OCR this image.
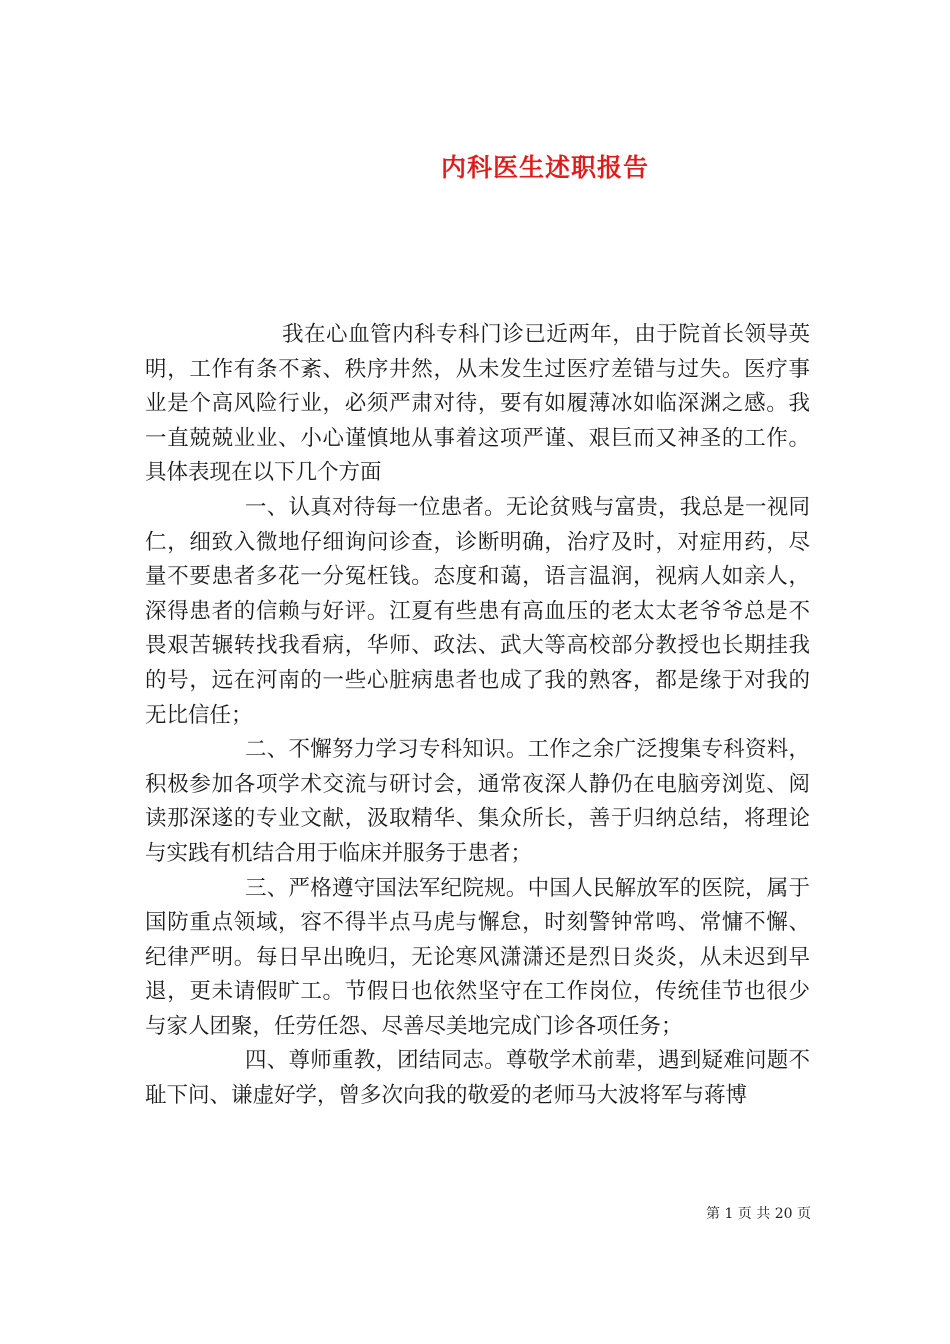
内科医生述职报告

我在心血管内科专科门诊已近两年，由于院首长领导英明，工作有条不紊、秩序井然，从未发生过医疗差错与过失。医疗事业是个高风险行业，必须严肃对待，要有如履薄冰如临深渊之感。我一直兢兢业业、小心谨慎地从事着这项严谨、艰巨而又神圣的工作。具体表现在以下几个方面

一、认真对待每一位患者。无论贫贱与富贵，我总是一视同仁，细致入微地仔细询问诊查，诊断明确，治疗及时，对症用药，尽量不要患者多花一分冤枉钱。态度和蔼，语言温润，视病人如亲人，深得患者的信赖与好评。江夏有些患有高血压的老太太老爷爷总是不畏艰苦辗转找我看病，华师、政法、武大等高校部分教授也长期挂我的号，远在河南的一些心脏病患者也成了我的熟客，都是缘于对我的无比信任；

二、不懈努力学习专科知识。工作之余广泛搜集专科资料，积极参加各项学术交流与研讨会，通常夜深人静仍在电脑旁浏览、阅读那深遂的专业文献，汲取精华、集众所长，善于归纳总结，将理论与实践有机结合用于临床并服务于患者；

三、严格遵守国法军纪院规。中国人民解放军的医院，属于国防重点领域，容不得半点马虎与懈怠，时刻警钟常鸣、常慵不懈、纪律严明。每日早出晚归，无论寒风潇潇还是烈日炎炎，从未迟到早退，更未请假旷工。节假日也依然坚守在工作岗位，传统佳节也很少与家人团聚，任劳任怨、尽善尽美地完成门诊各项任务；

四、尊师重教，团结同志。尊敬学术前辈，遇到疑难问题不耻下问、谦虚好学，曾多次向我的敬爱的老师马大波将军与蒋博

第 1 页 共 20 页
